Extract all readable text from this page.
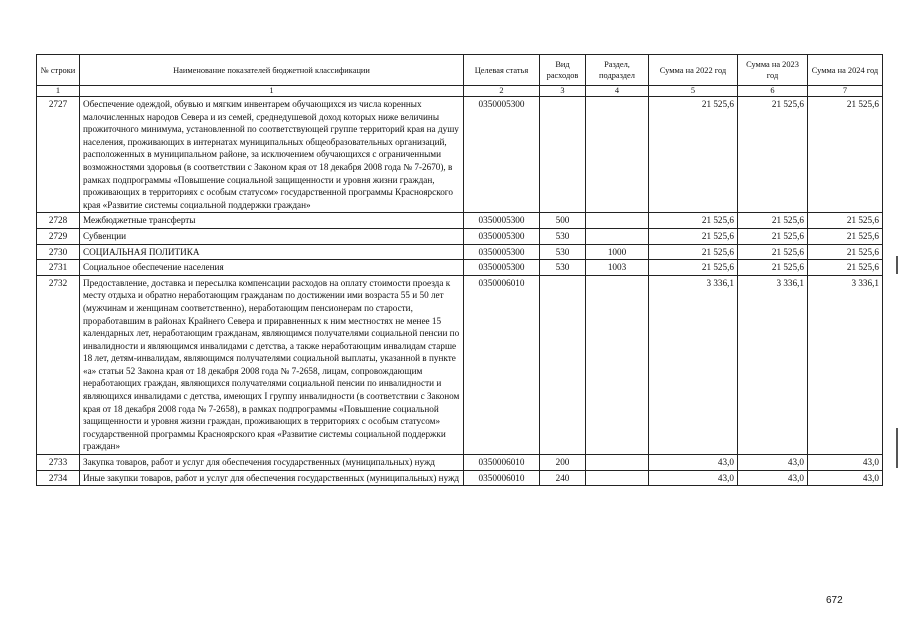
№ строки	Наименование показателей бюджетной классификации	Целевая статья	Вид расходов	Раздел, подраздел	Сумма на 2022 год	Сумма на 2023 год	Сумма на 2024 год
1	1	2	3	4	5	6	7
2727	Обеспечение одеждой, обувью и мягким инвентарем обучающихся из числа коренных малочисленных народов Севера и из семей, среднедушевой доход которых ниже величины прожиточного минимума, установленной по соответствующей группе территорий края на душу населения, проживающих в интернатах муниципальных общеобразовательных организаций, расположенных в муниципальном районе, за исключением обучающихся с ограниченными возможностями здоровья (в соответствии с Законом края от 18 декабря 2008 года № 7-2670), в рамках подпрограммы «Повышение социальной защищенности и уровня жизни граждан, проживающих в территориях с особым статусом» государственной программы Красноярского края «Развитие системы социальной поддержки граждан»	0350005300			21 525,6	21 525,6	21 525,6
2728	Межбюджетные трансферты	0350005300	500		21 525,6	21 525,6	21 525,6
2729	Субвенции	0350005300	530		21 525,6	21 525,6	21 525,6
2730	СОЦИАЛЬНАЯ ПОЛИТИКА	0350005300	530	1000	21 525,6	21 525,6	21 525,6
2731	Социальное обеспечение населения	0350005300	530	1003	21 525,6	21 525,6	21 525,6
2732	Предоставление, доставка и пересылка компенсации расходов на оплату стоимости проезда к месту отдыха и обратно неработающим гражданам по достижении ими возраста 55 и 50 лет (мужчинам и женщинам соответственно), неработающим пенсионерам по старости, проработавшим в районах Крайнего Севера и приравненных к ним местностях не менее 15 календарных лет, неработающим гражданам, являющимся получателями социальной пенсии по инвалидности и являющимся инвалидами с детства, а также неработающим инвалидам старше 18 лет, детям-инвалидам, являющимся получателями социальной выплаты, указанной в пункте «а» статьи 52 Закона края от 18 декабря 2008 года № 7-2658, лицам, сопровождающим неработающих граждан, являющихся получателями социальной пенсии по инвалидности и являющихся инвалидами с детства, имеющих I группу инвалидности (в соответствии с Законом края от 18 декабря 2008 года № 7-2658), в рамках подпрограммы «Повышение социальной защищенности и уровня жизни граждан, проживающих в территориях с особым статусом» государственной программы Красноярского края «Развитие системы социальной поддержки граждан»	0350006010			3 336,1	3 336,1	3 336,1
2733	Закупка товаров, работ и услуг для обеспечения государственных (муниципальных) нужд	0350006010	200		43,0	43,0	43,0
2734	Иные закупки товаров, работ и услуг для обеспечения государственных (муниципальных) нужд	0350006010	240		43,0	43,0	43,0
672
